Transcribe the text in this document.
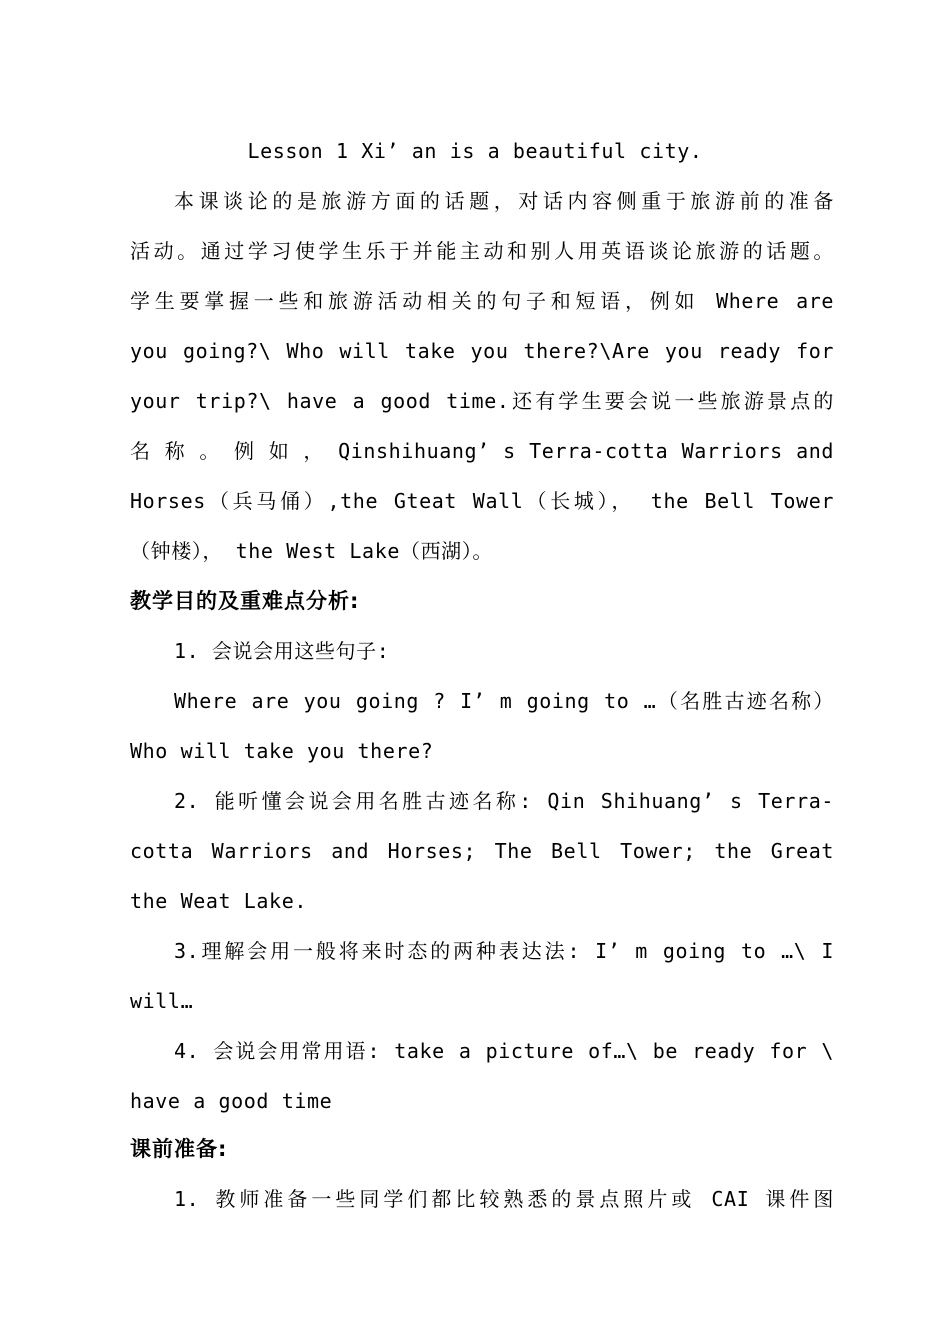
Lesson 1 Xi’ an is a beautiful city.
本课谈论的是旅游方面的话题，对话内容侧重于旅游前的准备
活动。通过学习使学生乐于并能主动和别人用英语谈论旅游的话题。
学生要掌握一些和旅游活动相关的句子和短语，例如 Where are
you going?\ Who will take you there?\Are you ready for
your trip?\ have a good time.还有学生要会说一些旅游景点的
名 称 。 例 如 ， Qinshihuang’ s Terra-cotta Warriors and
Horses（兵马俑）,the Gteat Wall（长城）， the Bell Tower
（钟楼）， the West Lake（西湖）。
教学目的及重难点分析:
1. 会说会用这些句子:
Where are you going ? I’ m going to …（名胜古迹名称）
Who will take you there?
2. 能听懂会说会用名胜古迹名称: Qin Shihuang’ s Terra-
cotta Warriors and Horses; The Bell Tower; the Great
the Weat Lake.
3.理解会用一般将来时态的两种表达法: I’ m going to …\ I
will…
4. 会说会用常用语: take a picture of…\ be ready for \
have a good time
课前准备:
1. 教师准备一些同学们都比较熟悉的景点照片或 CAI 课件图
